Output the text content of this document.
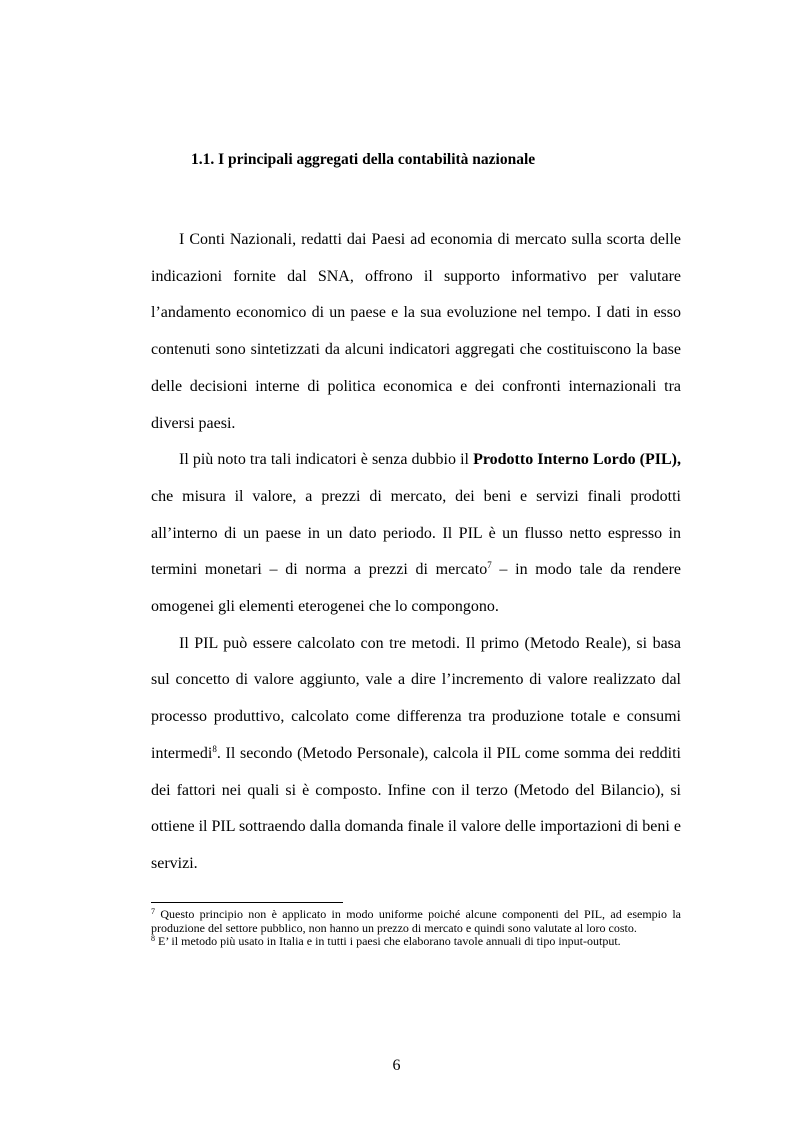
1.1. I principali aggregati della contabilità nazionale

I Conti Nazionali, redatti dai Paesi ad economia di mercato sulla scorta delle indicazioni fornite dal SNA, offrono il supporto informativo per valutare l’andamento economico di un paese e la sua evoluzione nel tempo. I dati in esso contenuti sono sintetizzati da alcuni indicatori aggregati che costituiscono la base delle decisioni interne di politica economica e dei confronti internazionali tra diversi paesi.

Il più noto tra tali indicatori è senza dubbio il Prodotto Interno Lordo (PIL), che misura il valore, a prezzi di mercato, dei beni e servizi finali prodotti all’interno di un paese in un dato periodo. Il PIL è un flusso netto espresso in termini monetari – di norma a prezzi di mercato$^7$ – in modo tale da rendere omogenei gli elementi eterogenei che lo compongono.

Il PIL può essere calcolato con tre metodi. Il primo (Metodo Reale), si basa sul concetto di valore aggiunto, vale a dire l’incremento di valore realizzato dal processo produttivo, calcolato come differenza tra produzione totale e consumi intermedi$^8$. Il secondo (Metodo Personale), calcola il PIL come somma dei redditi dei fattori nei quali si è composto. Infine con il terzo (Metodo del Bilancio), si ottiene il PIL sottraendo dalla domanda finale il valore delle importazioni di beni e servizi.

$^7$ Questo principio non è applicato in modo uniforme poiché alcune componenti del PIL, ad esempio la produzione del settore pubblico, non hanno un prezzo di mercato e quindi sono valutate al loro costo.

$^8$ E’ il metodo più usato in Italia e in tutti i paesi che elaborano tavole annuali di tipo input-output.

6
